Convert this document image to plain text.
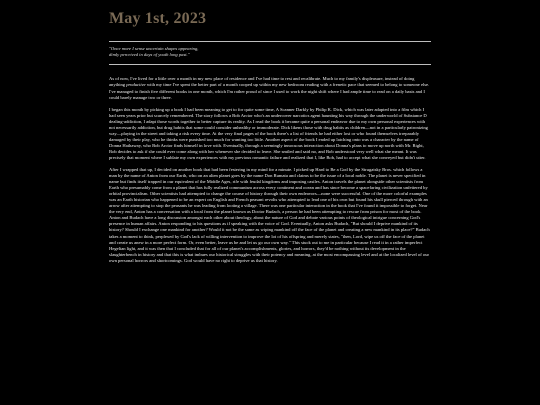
May 1st, 2023
"Once more I sense uncertain shapes appearing,
dimly perceived in days of youth long past."

As of now, I've lived for a little over a month in my new place of residence and I've had time to rest and recalibrate. Much to my family's displeasure, instead of doing anything productive with my time I've spent the better part of a month cooped up within my new bedroom reading with a frenetic pace that seemed to belong to someone else. I've managed to finish five different books in one month, which I'm rather proud of since I used to work the night shift where I had ample time to read on a daily basis and I could barely manage two or three.

I began this month by picking up a book I had been meaning to get to for quite some time, A Scanner Darkly by Philip K. Dick, which was later adapted into a film which I had seen years prior but scarcely remembered. The story follows a Bob Arctor who's an undercover narcotics agent haunting his way through the underworld of Substance D dealing-addiction, I adapt those words together to better capture its reality. As I read the book it became quite a personal endeavor due to my own personal experiences with not necessarily addiction, but drug habits that some could consider unhealthy or immoderate. Dick likens those with drug habits as children—not in a particularly patronizing way—playing in the street and taking a risk every time. At the very final pages of the book there's a list of friends he had either lost or who found themselves irreparably damaged by their play, who he thinks were punished too much for wanting too little. Another aspect of the book I ended up latching onto was a character by the name of Donna Hathaway, who Bob Arctor finds himself in love with. Eventually, through a seemingly innocuous interaction about Donna's plans to move up north with Mr. Right, Bob decides to ask if she could ever come along with her whenever she decided to leave. She smiled and said no, and Bob understood very well what she meant. It was precisely that moment where I sublate my own experiences with my previous romantic failure and realized that I, like Bob, had to accept what she conveyed but didn't utter.

After I wrapped that up, I decided on another book that had been festering in my mind for a minute. I picked up Hard to Be a God by the Strugatsky Bros. which follows a man by the name of Anton from our Earth, who on an alien planet goes by the name Don Rumata and claims to be the issue of a local noble. The planet is never specified in name but finds itself trapped in our equivalent of the Middle Ages, rife with feudal kingdoms and imposing castles. Anton travels the planet alongside other scientists from Earth who presumably come from a planet that has fully realized communism across every continent and ocean and has since become a spacefaring civilization unfettered by orbital provincialism. Other scientists had attempted to change the course of history through their own endeavors—none were successful. One of the more colorful examples was an Earth historian who happened to be an expert on English and French peasant revolts who attempted to lead one of his own but found his skull pierced through with an arrow after attempting to stop the peasants he was leading from looting a village. There was one particular interaction in the book that I've found it impossible to forget. Near the very end, Anton has a conversation with a local from the planet known as Doctor Budach, a person he had been attempting to rescue from prison for most of the book. Anton and Budach have a long discussion amongst each other about theology, about the nature of God and debate various points of theological intrigue concerning God's presence in human affairs. Anton responding to his questions as if speaking with the voice of God. Eventually, Anton asks Budach, "But should I deprive mankind of its history? Should I exchange one mankind for another? Would it not be the same as wiping mankind off the face of the planet and creating a new mankind in its place?" Budach takes a moment to think, perplexed by God's lack of willing intervention to improve the lot of his offspring and merely states, "then, Lord, wipe us off the face of the planet and create us anew in a more perfect form. Or, even better, leave us be and let us go our own way." This stuck out to me in particular because I read it in a rather imperfect Hegelian light, and it was then that I concluded that for all of our planet's accomplishments, glories, and horrors, they'd be nothing without its development in the slaughterbench in history and that this is what imbues our historical struggles with their potency and meaning, at the most encompassing level and at the localized level of our own personal horrors and shortcomings. God would have no right to deprive us that history.
